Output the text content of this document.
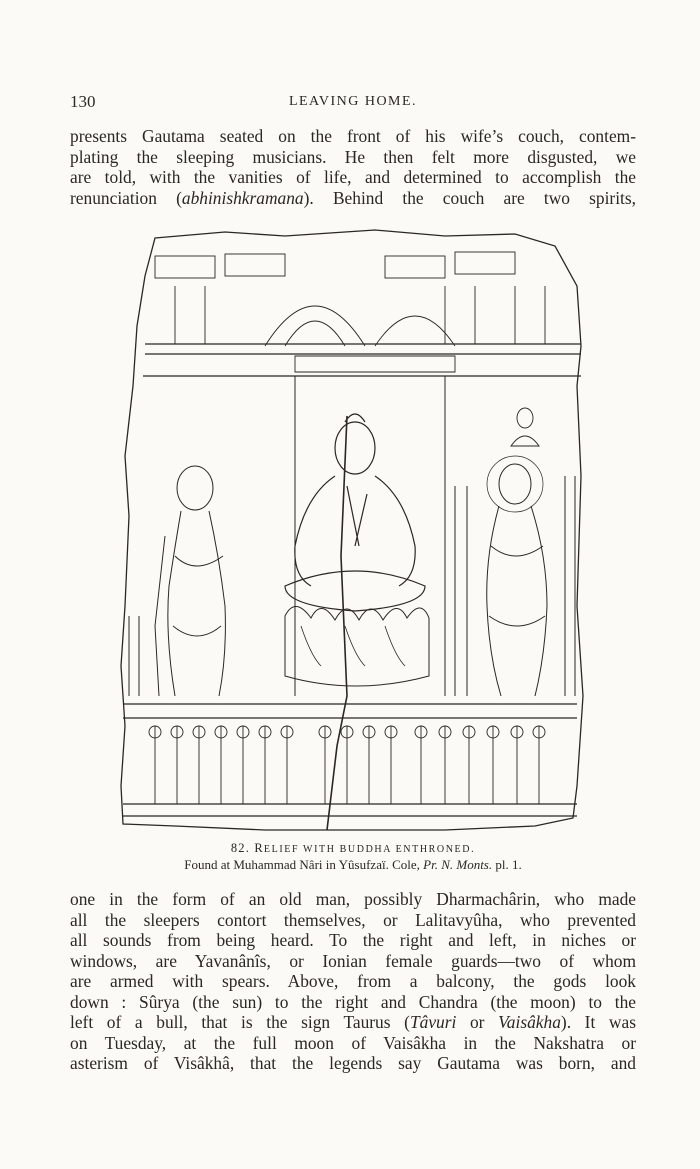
130	LEAVING HOME.
presents Gautama seated on the front of his wife’s couch, contem-
plating the sleeping musicians. He then felt more disgusted, we
are told, with the vanities of life, and determined to accomplish the
renunciation (abhinishkramana). Behind the couch are two spirits,
82. RELIEF WITH BUDDHA ENTHRONED.
Found at Muhammad Nâri in Yûsufzaï. Cole, Pr. N. Monts. pl. 1.
one in the form of an old man, possibly Dharmachârin, who made
all the sleepers contort themselves, or Lalitavyûha, who prevented
all sounds from being heard. To the right and left, in niches or
windows, are Yavanânîs, or Ionian female guards—two of whom
are armed with spears. Above, from a balcony, the gods look
down : Sûrya (the sun) to the right and Chandra (the moon) to the
left of a bull, that is the sign Taurus (Tâvuri or Vaisâkha). It was
on Tuesday, at the full moon of Vaisâkha in the Nakshatra or
asterism of Visâkhâ, that the legends say Gautama was born, and
